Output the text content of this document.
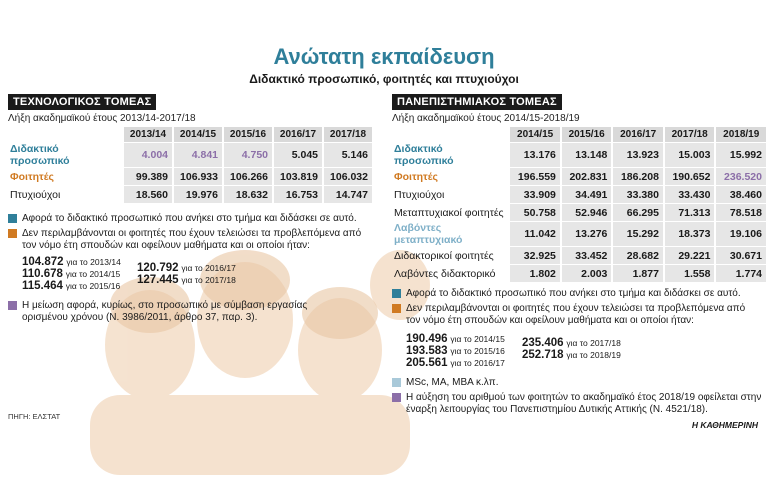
Ανώτατη εκπαίδευση
Διδακτικό προσωπικό, φοιτητές και πτυχιούχοι
ΤΕΧΝΟΛΟΓΙΚΟΣ ΤΟΜΕΑΣ
Λήξη ακαδημαϊκού έτους 2013/14-2017/18
	2013/14	2014/15	2015/16	2016/17	2017/18
Διδακτικό προσωπικό	4.004	4.841	4.750	5.045	5.146
Φοιτητές	99.389	106.933	106.266	103.819	106.032
Πτυχιούχοι	18.560	19.976	18.632	16.753	14.747
Αφορά το διδακτικό προσωπικό που ανήκει στο τμήμα και διδάσκει σε αυτό.
Δεν περιλαμβάνονται οι φοιτητές που έχουν τελειώσει τα προβλεπόμενα από τον νόμο έτη σπουδών και οφείλουν μαθήματα και οι οποίοι ήταν:
104.872 για το 2013/14
110.678 για το 2014/15
115.464 για το 2015/16
120.792 για το 2016/17
127.445 για το 2017/18
Η μείωση αφορά, κυρίως, στο προσωπικό με σύμβαση εργασίας ορισμένου χρόνου (Ν. 3986/2011, άρθρο 37, παρ. 3).
ΠΑΝΕΠΙΣΤΗΜΙΑΚΟΣ ΤΟΜΕΑΣ
Λήξη ακαδημαϊκού έτους 2014/15-2018/19
	2014/15	2015/16	2016/17	2017/18	2018/19
Διδακτικό προσωπικό	13.176	13.148	13.923	15.003	15.992
Φοιτητές	196.559	202.831	186.208	190.652	236.520
Πτυχιούχοι	33.909	34.491	33.380	33.430	38.460
Μεταπτυχιακοί φοιτητές	50.758	52.946	66.295	71.313	78.518
Λαβόντες μεταπτυχιακό	11.042	13.276	15.292	18.373	19.106
Διδακτορικοί φοιτητές	32.925	33.452	28.682	29.221	30.671
Λαβόντες διδακτορικό	1.802	2.003	1.877	1.558	1.774
Αφορά το διδακτικό προσωπικό που ανήκει στο τμήμα και διδάσκει σε αυτό.
Δεν περιλαμβάνονται οι φοιτητές που έχουν τελειώσει τα προβλεπόμενα από τον νόμο έτη σπουδών και οφείλουν μαθήματα και οι οποίοι ήταν:
190.496 για το 2014/15
193.583 για το 2015/16
205.561 για το 2016/17
235.406 για το 2017/18
252.718 για το 2018/19
MSc, MA, MBA κ.λπ.
Η αύξηση του αριθμού των φοιτητών το ακαδημαϊκό έτος 2018/19 οφείλεται στην έναρξη λειτουργίας του Πανεπιστημίου Δυτικής Αττικής (Ν. 4521/18).
ΠΗΓΗ: ΕΛΣΤΑΤ
Η ΚΑΘΗΜΕΡΙΝΗ
